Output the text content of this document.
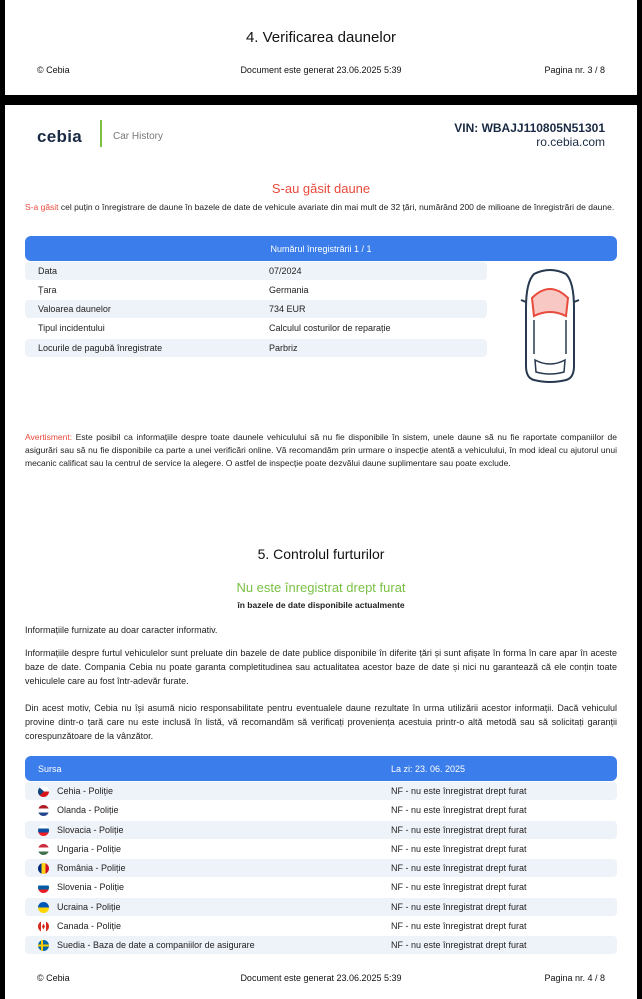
4. Verificarea daunelor
© Cebia	Document este generat 23.06.2025 5:39	Pagina nr. 3 / 8
cebia	Car History
VIN: WBAJJ110805N51301
ro.cebia.com
S-au găsit daune
S-a găsit cel puțin o înregistrare de daune în bazele de date de vehicule avariate din mai mult de 32 țări, numărând 200 de milioane de înregistrări de daune.
Numărul înregistrării 1 / 1
Data	07/2024
Țara	Germania
Valoarea daunelor	734 EUR
Tipul incidentului	Calculul costurilor de reparație
Locurile de pagubă înregistrate	Parbriz
Avertisment: Este posibil ca informațiile despre toate daunele vehiculului să nu fie disponibile în sistem, unele daune să nu fie raportate companiilor de asigurări sau să nu fie disponibile ca parte a unei verificări online. Vă recomandăm prin urmare o inspecție atentă a vehiculului, în mod ideal cu ajutorul unui mecanic calificat sau la centrul de service la alegere. O astfel de inspecție poate dezvălui daune suplimentare sau poate exclude.
5. Controlul furturilor
Nu este înregistrat drept furat
în bazele de date disponibile actualmente
Informațiile furnizate au doar caracter informativ.
Informațiile despre furtul vehiculelor sunt preluate din bazele de date publice disponibile în diferite țări și sunt afișate în forma în care apar în aceste baze de date. Compania Cebia nu poate garanta completitudinea sau actualitatea acestor baze de date și nici nu garantează că ele conțin toate vehiculele care au fost într-adevăr furate.
Din acest motiv, Cebia nu își asumă nicio responsabilitate pentru eventualele daune rezultate în urma utilizării acestor informații. Dacă vehiculul provine dintr-o țară care nu este inclusă în listă, vă recomandăm să verificați proveniența acestuia printr-o altă metodă sau să solicitați garanții corespunzătoare de la vânzător.
Sursa	La zi: 23. 06. 2025
Cehia - Poliție	NF - nu este înregistrat drept furat
Olanda - Poliție	NF - nu este înregistrat drept furat
Slovacia - Poliție	NF - nu este înregistrat drept furat
Ungaria - Poliție	NF - nu este înregistrat drept furat
România - Poliție	NF - nu este înregistrat drept furat
Slovenia - Poliție	NF - nu este înregistrat drept furat
Ucraina - Poliție	NF - nu este înregistrat drept furat
Canada - Poliție	NF - nu este înregistrat drept furat
Suedia - Baza de date a companiilor de asigurare	NF - nu este înregistrat drept furat
© Cebia	Document este generat 23.06.2025 5:39	Pagina nr. 4 / 8
